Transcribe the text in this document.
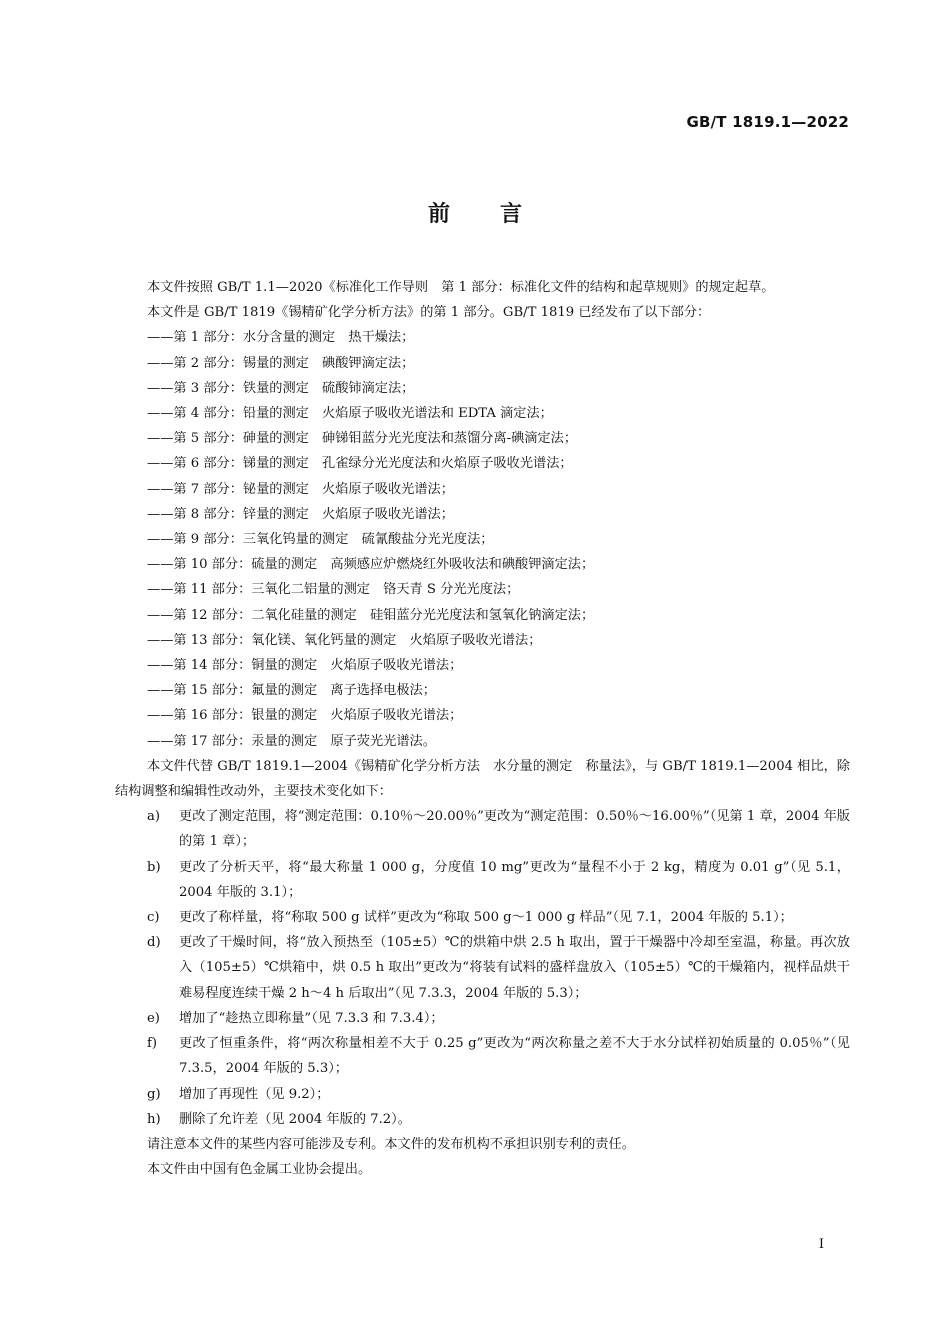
GB/T 1819.1—2022
前 言

本文件按照 GB/T 1.1—2020《标准化工作导则　第 1 部分：标准化文件的结构和起草规则》的规定起草。

本文件是 GB/T 1819《锡精矿化学分析方法》的第 1 部分。GB/T 1819 已经发布了以下部分：

——第 1 部分：水分含量的测定　热干燥法；

——第 2 部分：锡量的测定　碘酸钾滴定法；

——第 3 部分：铁量的测定　硫酸铈滴定法；

——第 4 部分：铅量的测定　火焰原子吸收光谱法和 EDTA 滴定法；

——第 5 部分：砷量的测定　砷锑钼蓝分光光度法和蒸馏分离-碘滴定法；

——第 6 部分：锑量的测定　孔雀绿分光光度法和火焰原子吸收光谱法；

——第 7 部分：铋量的测定　火焰原子吸收光谱法；

——第 8 部分：锌量的测定　火焰原子吸收光谱法；

——第 9 部分：三氧化钨量的测定　硫氰酸盐分光光度法；

——第 10 部分：硫量的测定　高频感应炉燃烧红外吸收法和碘酸钾滴定法；

——第 11 部分：三氧化二铝量的测定　铬天青 S 分光光度法；

——第 12 部分：二氧化硅量的测定　硅钼蓝分光光度法和氢氧化钠滴定法；

——第 13 部分：氧化镁、氧化钙量的测定　火焰原子吸收光谱法；

——第 14 部分：铜量的测定　火焰原子吸收光谱法；

——第 15 部分：氟量的测定　离子选择电极法；

——第 16 部分：银量的测定　火焰原子吸收光谱法；

——第 17 部分：汞量的测定　原子荧光光谱法。

本文件代替 GB/T 1819.1—2004《锡精矿化学分析方法　水分量的测定　称量法》，与 GB/T 1819.1—2004 相比，除结构调整和编辑性改动外，主要技术变化如下：

a) 更改了测定范围，将“测定范围：0.10％～20.00％”更改为“测定范围：0.50％～16.00％”（见第 1 章，2004 年版的第 1 章）；
b) 更改了分析天平，将“最大称量 1 000 g，分度值 10 mg”更改为“量程不小于 2 kg，精度为 0.01 g”（见 5.1，2004 年版的 3.1）；
c) 更改了称样量，将“称取 500 g 试样”更改为“称取 500 g～1 000 g 样品”（见 7.1，2004 年版的 5.1）；
d) 更改了干燥时间，将“放入预热至（105±5）℃的烘箱中烘 2.5 h 取出，置于干燥器中冷却至室温，称量。再次放入（105±5）℃烘箱中，烘 0.5 h 取出”更改为“将装有试料的盛样盘放入（105±5）℃的干燥箱内，视样品烘干难易程度连续干燥 2 h～4 h 后取出”（见 7.3.3，2004 年版的 5.3）；
e) 增加了“趁热立即称量”（见 7.3.3 和 7.3.4）；
f) 更改了恒重条件，将“两次称量相差不大于 0.25 g”更改为“两次称量之差不大于水分试样初始质量的 0.05％”（见 7.3.5，2004 年版的 5.3）；
g) 增加了再现性（见 9.2）；
h) 删除了允许差（见 2004 年版的 7.2）。

请注意本文件的某些内容可能涉及专利。本文件的发布机构不承担识别专利的责任。

本文件由中国有色金属工业协会提出。

I
